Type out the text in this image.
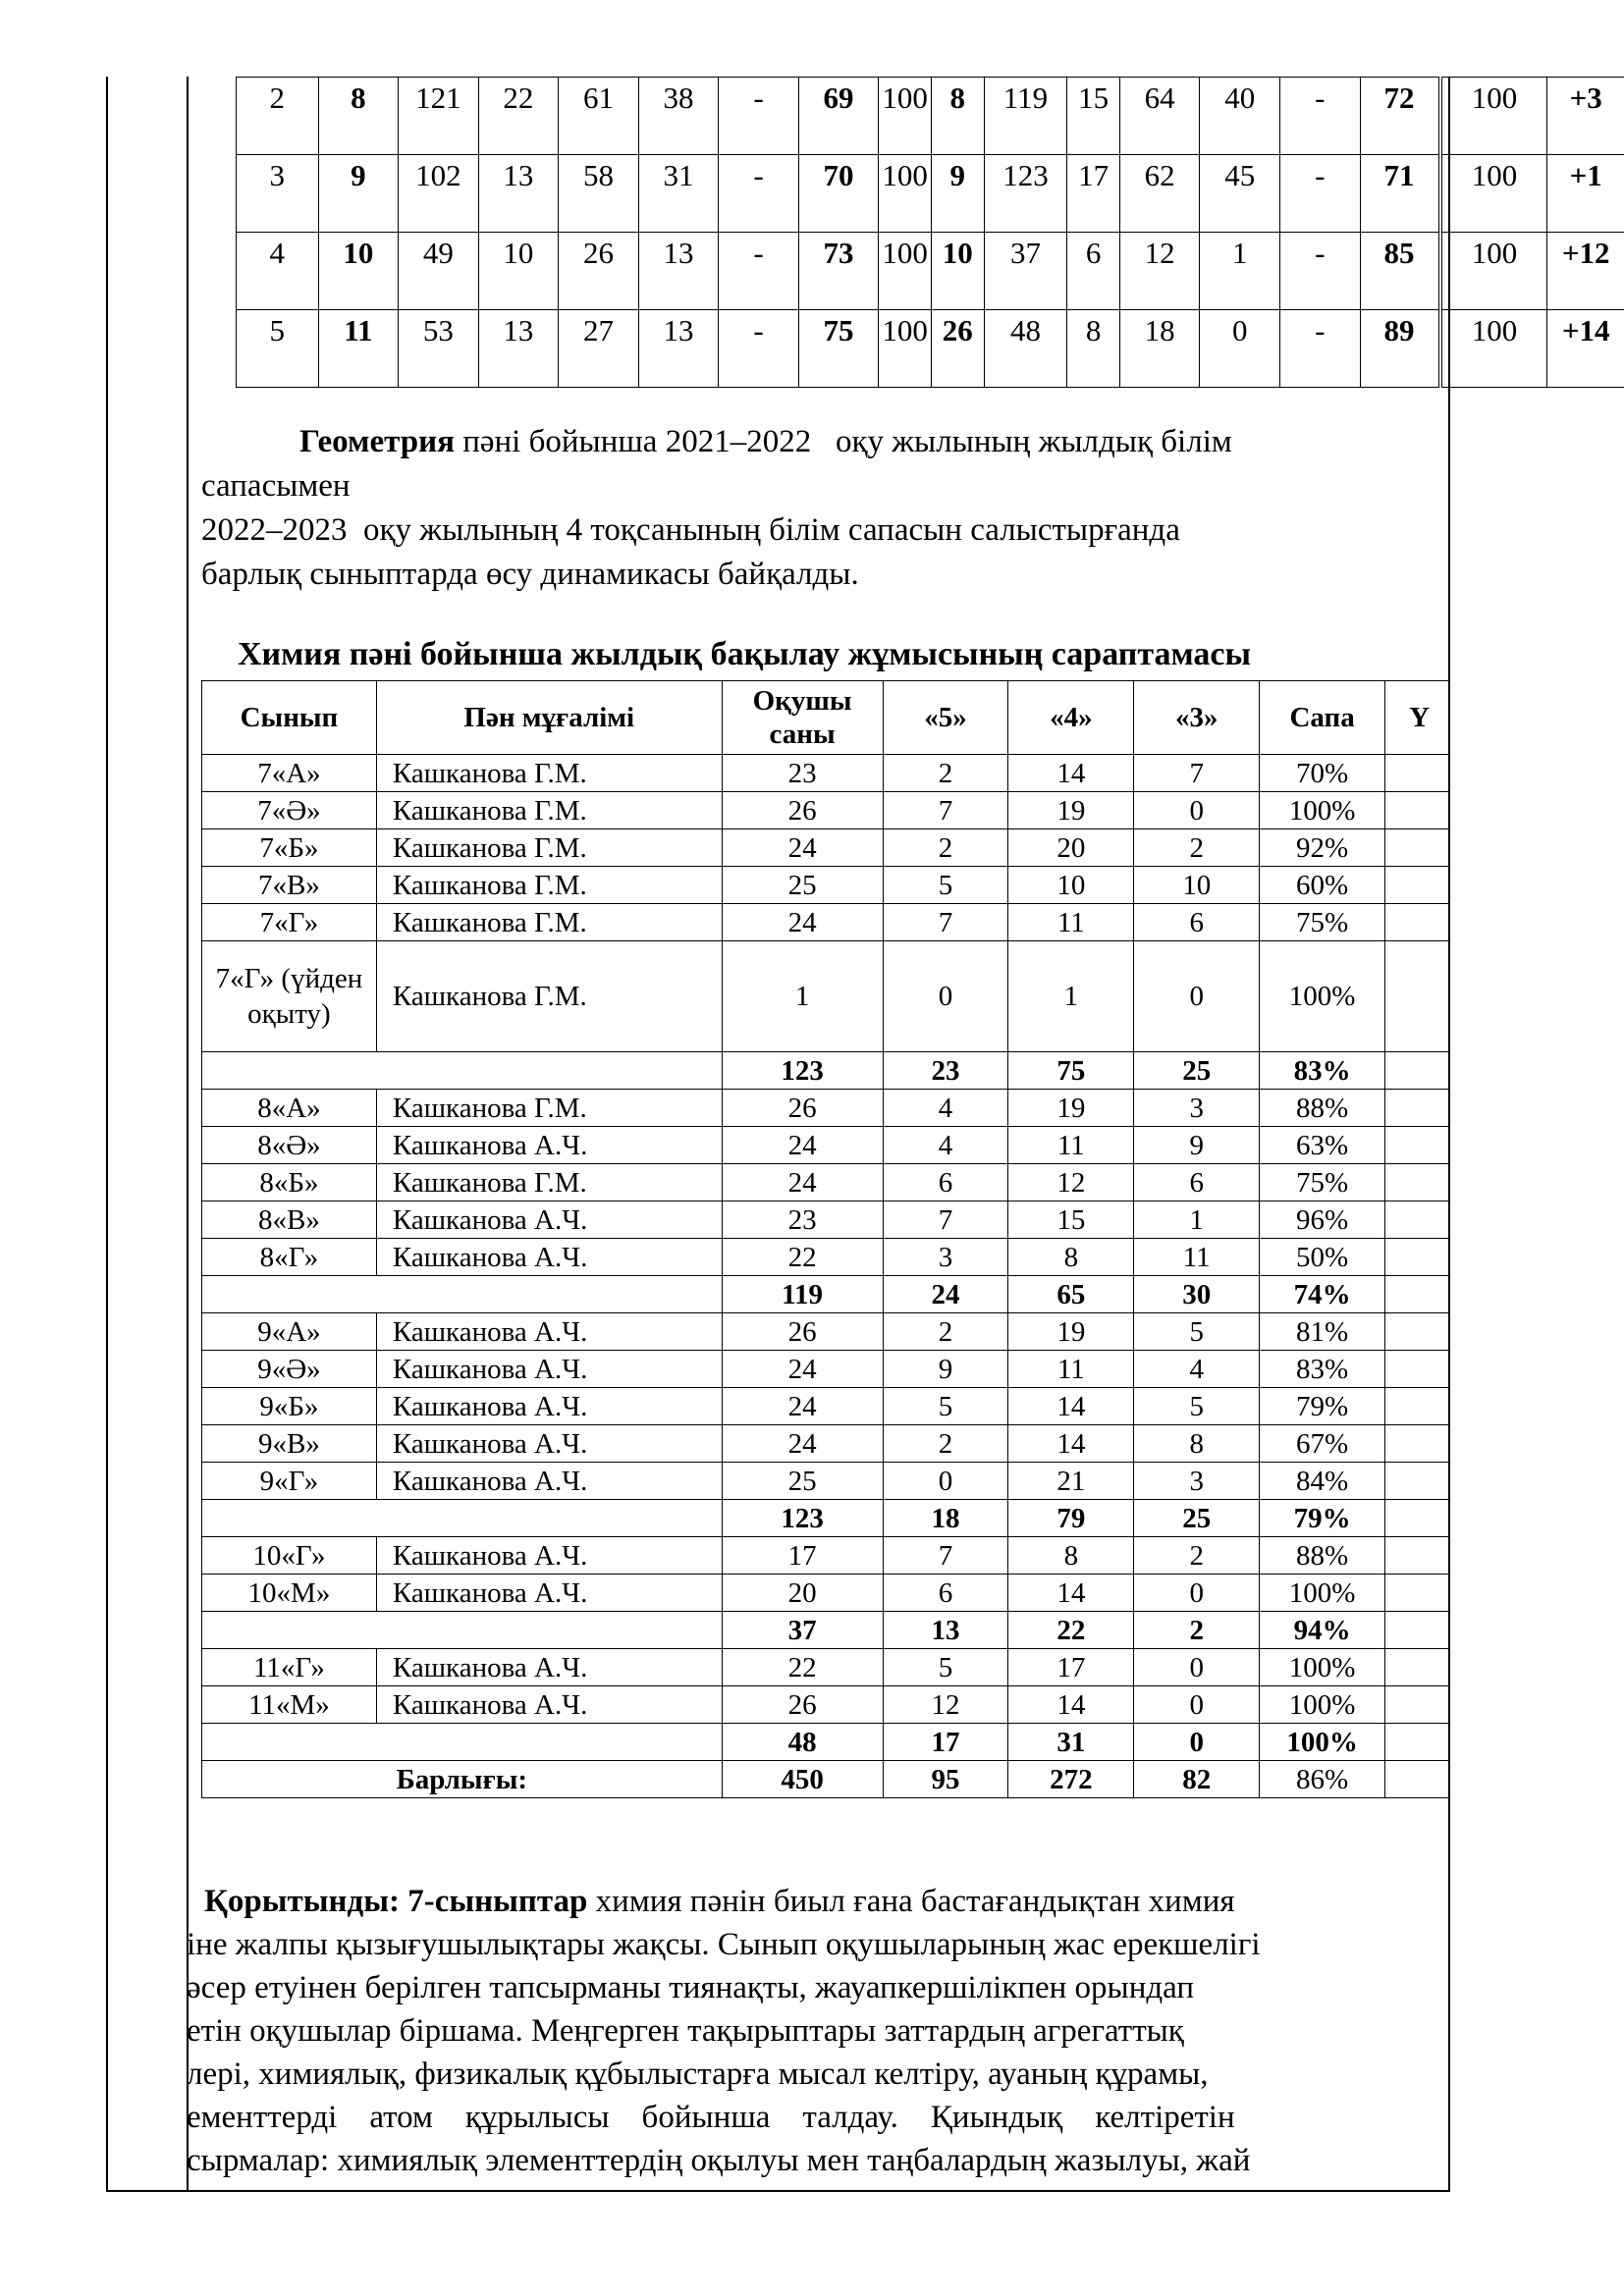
2	8	121	22	61	38	-	69	100	8	119	15	64	40	-	72	100	+3
3	9	102	13	58	31	-	70	100	9	123	17	62	45	-	71	100	+1
4	10	49	10	26	13	-	73	100	10	37	6	12	1	-	85	100	+12
5	11	53	13	27	13	-	75	100	26	48	8	18	0	-	89	100	+14
Геометрия пәні бойынша 2021–2022   оқу жылының жылдық білім
сапасымен
2022–2023  оқу жылының 4 тоқсанының білім сапасын салыстырғанда
барлық сыныптарда өсу динамикасы байқалды.
Химия пәні бойынша жылдық бақылау жұмысының сараптамасы
Сынып	Пән мұғалімі	Оқушы саны	«5»	«4»	«3»	Сапа	Ү
7«А»	Кашканова Г.М.	23	2	14	7	70%	
7«Ә»	Кашканова Г.М.	26	7	19	0	100%	
7«Б»	Кашканова Г.М.	24	2	20	2	92%	
7«В»	Кашканова Г.М.	25	5	10	10	60%	
7«Г»	Кашканова Г.М.	24	7	11	6	75%	
7«Г» (үйден оқыту)	Кашканова Г.М.	1	0	1	0	100%	
		123	23	75	25	83%	
8«А»	Кашканова Г.М.	26	4	19	3	88%	
8«Ә»	Кашканова А.Ч.	24	4	11	9	63%	
8«Б»	Кашканова Г.М.	24	6	12	6	75%	
8«В»	Кашканова А.Ч.	23	7	15	1	96%	
8«Г»	Кашканова А.Ч.	22	3	8	11	50%	
		119	24	65	30	74%	
9«А»	Кашканова А.Ч.	26	2	19	5	81%	
9«Ә»	Кашканова А.Ч.	24	9	11	4	83%	
9«Б»	Кашканова А.Ч.	24	5	14	5	79%	
9«В»	Кашканова А.Ч.	24	2	14	8	67%	
9«Г»	Кашканова А.Ч.	25	0	21	3	84%	
		123	18	79	25	79%	
10«Г»	Кашканова А.Ч.	17	7	8	2	88%	
10«М»	Кашканова А.Ч.	20	6	14	0	100%	
		37	13	22	2	94%	
11«Г»	Кашканова А.Ч.	22	5	17	0	100%	
11«М»	Кашканова А.Ч.	26	12	14	0	100%	
		48	17	31	0	100%	
Барлығы:		450	95	272	82	86%	
Қорытынды: 7-сыныптар химия пәнін биыл ғана бастағандықтан химия
іне жалпы қызығушылықтары жақсы. Сынып оқушыларының жас ерекшелігі
әсер етуінен берілген тапсырманы тиянақты, жауапкершілікпен орындап
етін оқушылар біршама. Меңгерген тақырыптары заттардың агрегаттық
лері, химиялық, физикалық құбылыстарға мысал келтіру, ауаның құрамы,
ементтерді    атом    құрылысы    бойынша    талдау.    Қиындық    келтіретін
сырмалар: химиялық элементтердің оқылуы мен таңбалардың жазылуы, жай
